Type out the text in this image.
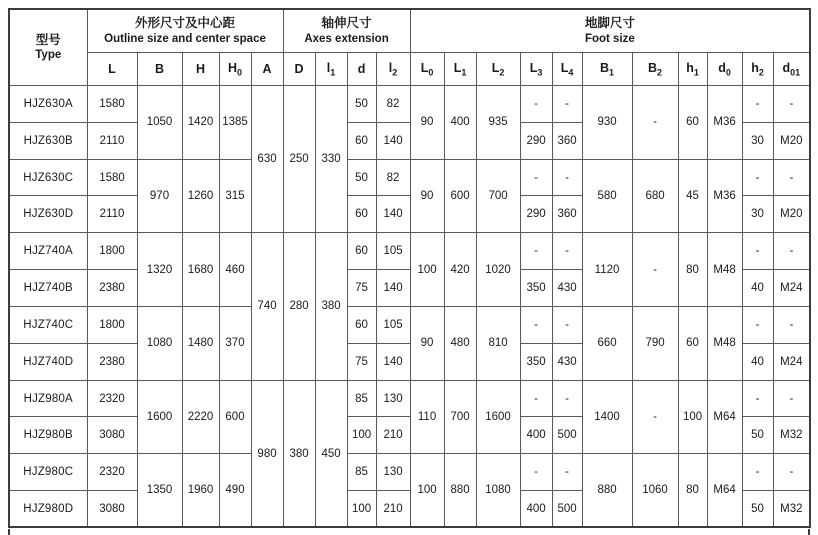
型号
Type

外形尺寸及中心距
Outline size and center space

轴伸尺寸
Axes extension

地脚尺寸
Foot size

	L	B	H	$H_0$	A	D	$l_1$	d	$l_2$	$L_0$	$L_1$	$L_2$	$L_3$	$L_4$	$B_1$	$B_2$	$h_1$	$d_0$	$h_2$	$d_{01}$
HJZ630A	1580	1050	1420	1385	630	250	330	50	82	90	400	935	-	-	930	-	60	M36	-	-
HJZ630B	2110							60	140				290	360					30	M20
HJZ630C	1580	970	1260	315				50	82	90	600	700	-	-	580	680	45	M36	-	-
HJZ630D	2110							60	140				290	360					30	M20
HJZ740A	1800	1320	1680	460	740	280	380	60	105	100	420	1020	-	-	1120	-	80	M48	-	-
HJZ740B	2380							75	140				350	430					40	M24
HJZ740C	1800	1080	1480	370				60	105	90	480	810	-	-	660	790	60	M48	-	-
HJZ740D	2380							75	140				350	430					40	M24
HJZ980A	2320	1600	2220	600	980	380	450	85	130	110	700	1600	-	-	1400	-	100	M64	-	-
HJZ980B	3080							100	210				400	500					50	M32
HJZ980C	2320	1350	1960	490				85	130	100	880	1080	-	-	880	1060	80	M64	-	-
HJZ980D	3080							100	210				400	500					50	M32
